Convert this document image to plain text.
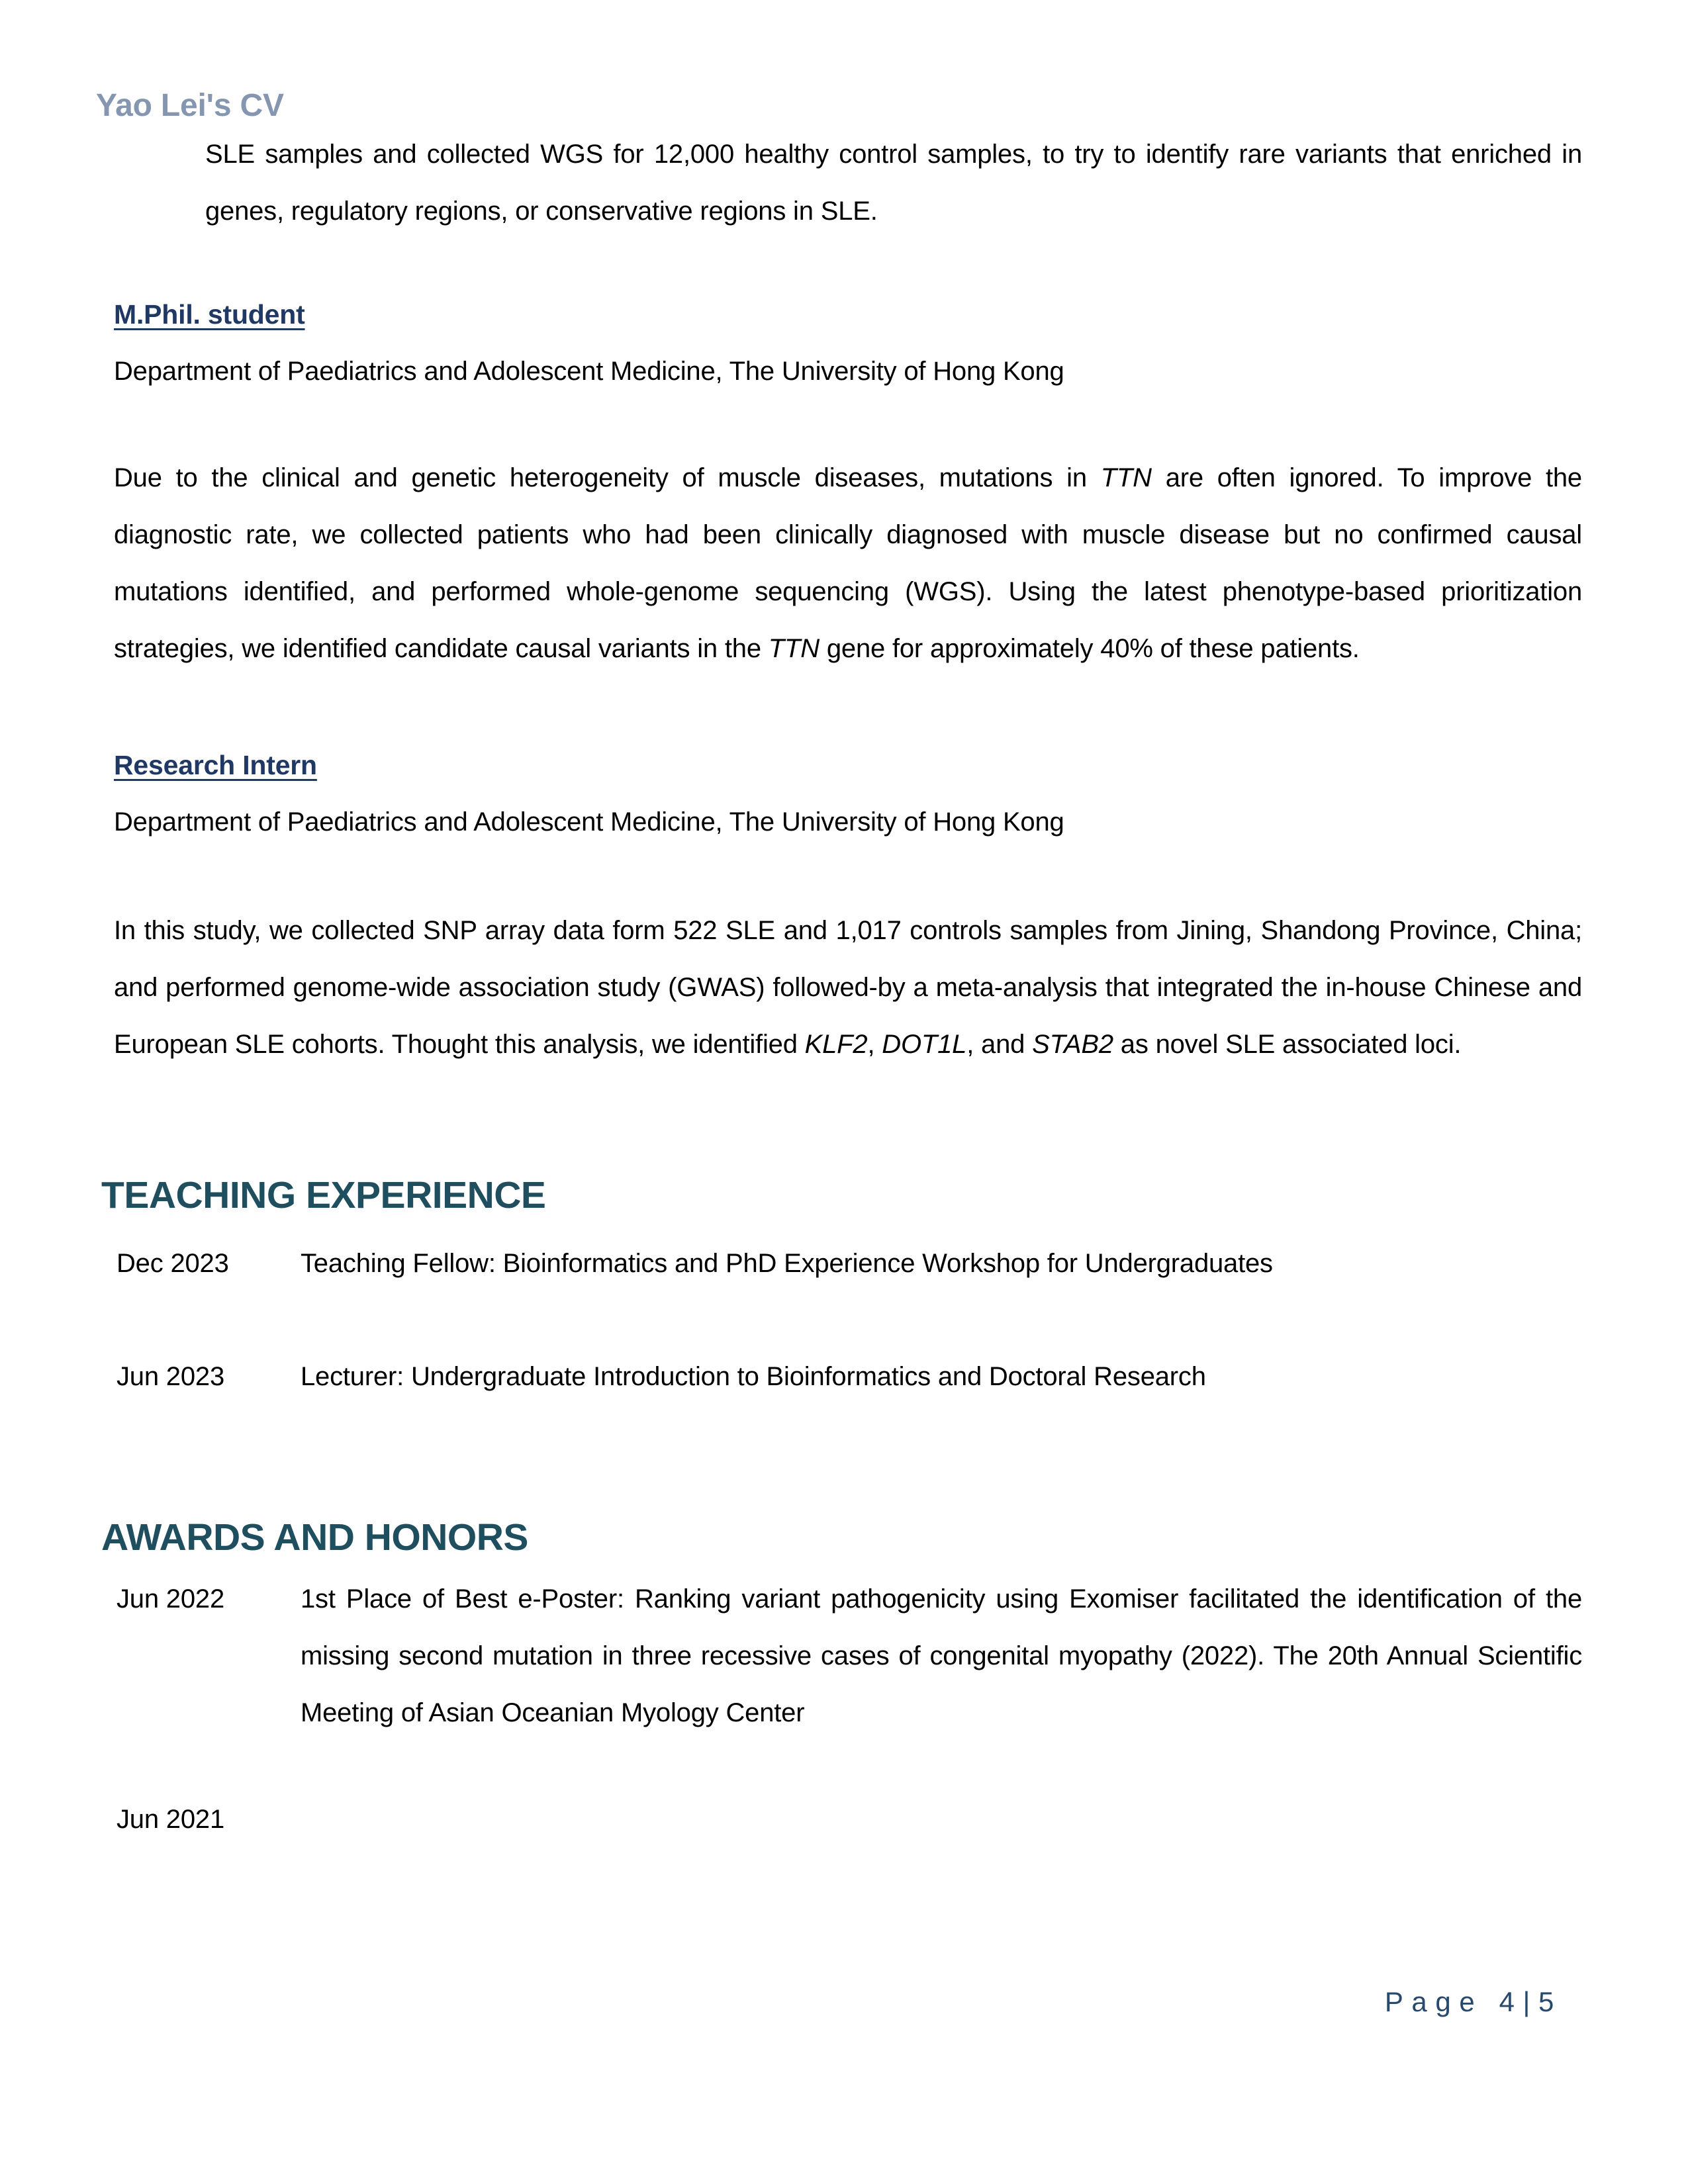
Yao Lei's CV

SLE samples and collected WGS for 12,000 healthy control samples, to try to identify rare variants that enriched in genes, regulatory regions, or conservative regions in SLE.

M.Phil. student

Department of Paediatrics and Adolescent Medicine, The University of Hong Kong

Due to the clinical and genetic heterogeneity of muscle diseases, mutations in TTN are often ignored. To improve the diagnostic rate, we collected patients who had been clinically diagnosed with muscle disease but no confirmed causal mutations identified, and performed whole-genome sequencing (WGS). Using the latest phenotype-based prioritization strategies, we identified candidate causal variants in the TTN gene for approximately 40% of these patients.

Research Intern

Department of Paediatrics and Adolescent Medicine, The University of Hong Kong

In this study, we collected SNP array data form 522 SLE and 1,017 controls samples from Jining, Shandong Province, China; and performed genome-wide association study (GWAS) followed-by a meta-analysis that integrated the in-house Chinese and European SLE cohorts. Thought this analysis, we identified KLF2, DOT1L, and STAB2 as novel SLE associated loci.

TEACHING EXPERIENCE
Dec 2023	Teaching Fellow: Bioinformatics and PhD Experience Workshop for Undergraduates
Jun 2023	Lecturer: Undergraduate Introduction to Bioinformatics and Doctoral Research
AWARDS AND HONORS
Jun 2022	1st Place of Best e-Poster: Ranking variant pathogenicity using Exomiser facilitated the identification of the missing second mutation in three recessive cases of congenital myopathy (2022). The 20th Annual Scientific Meeting of Asian Oceanian Myology Center
Jun 2021
Page 4|5
